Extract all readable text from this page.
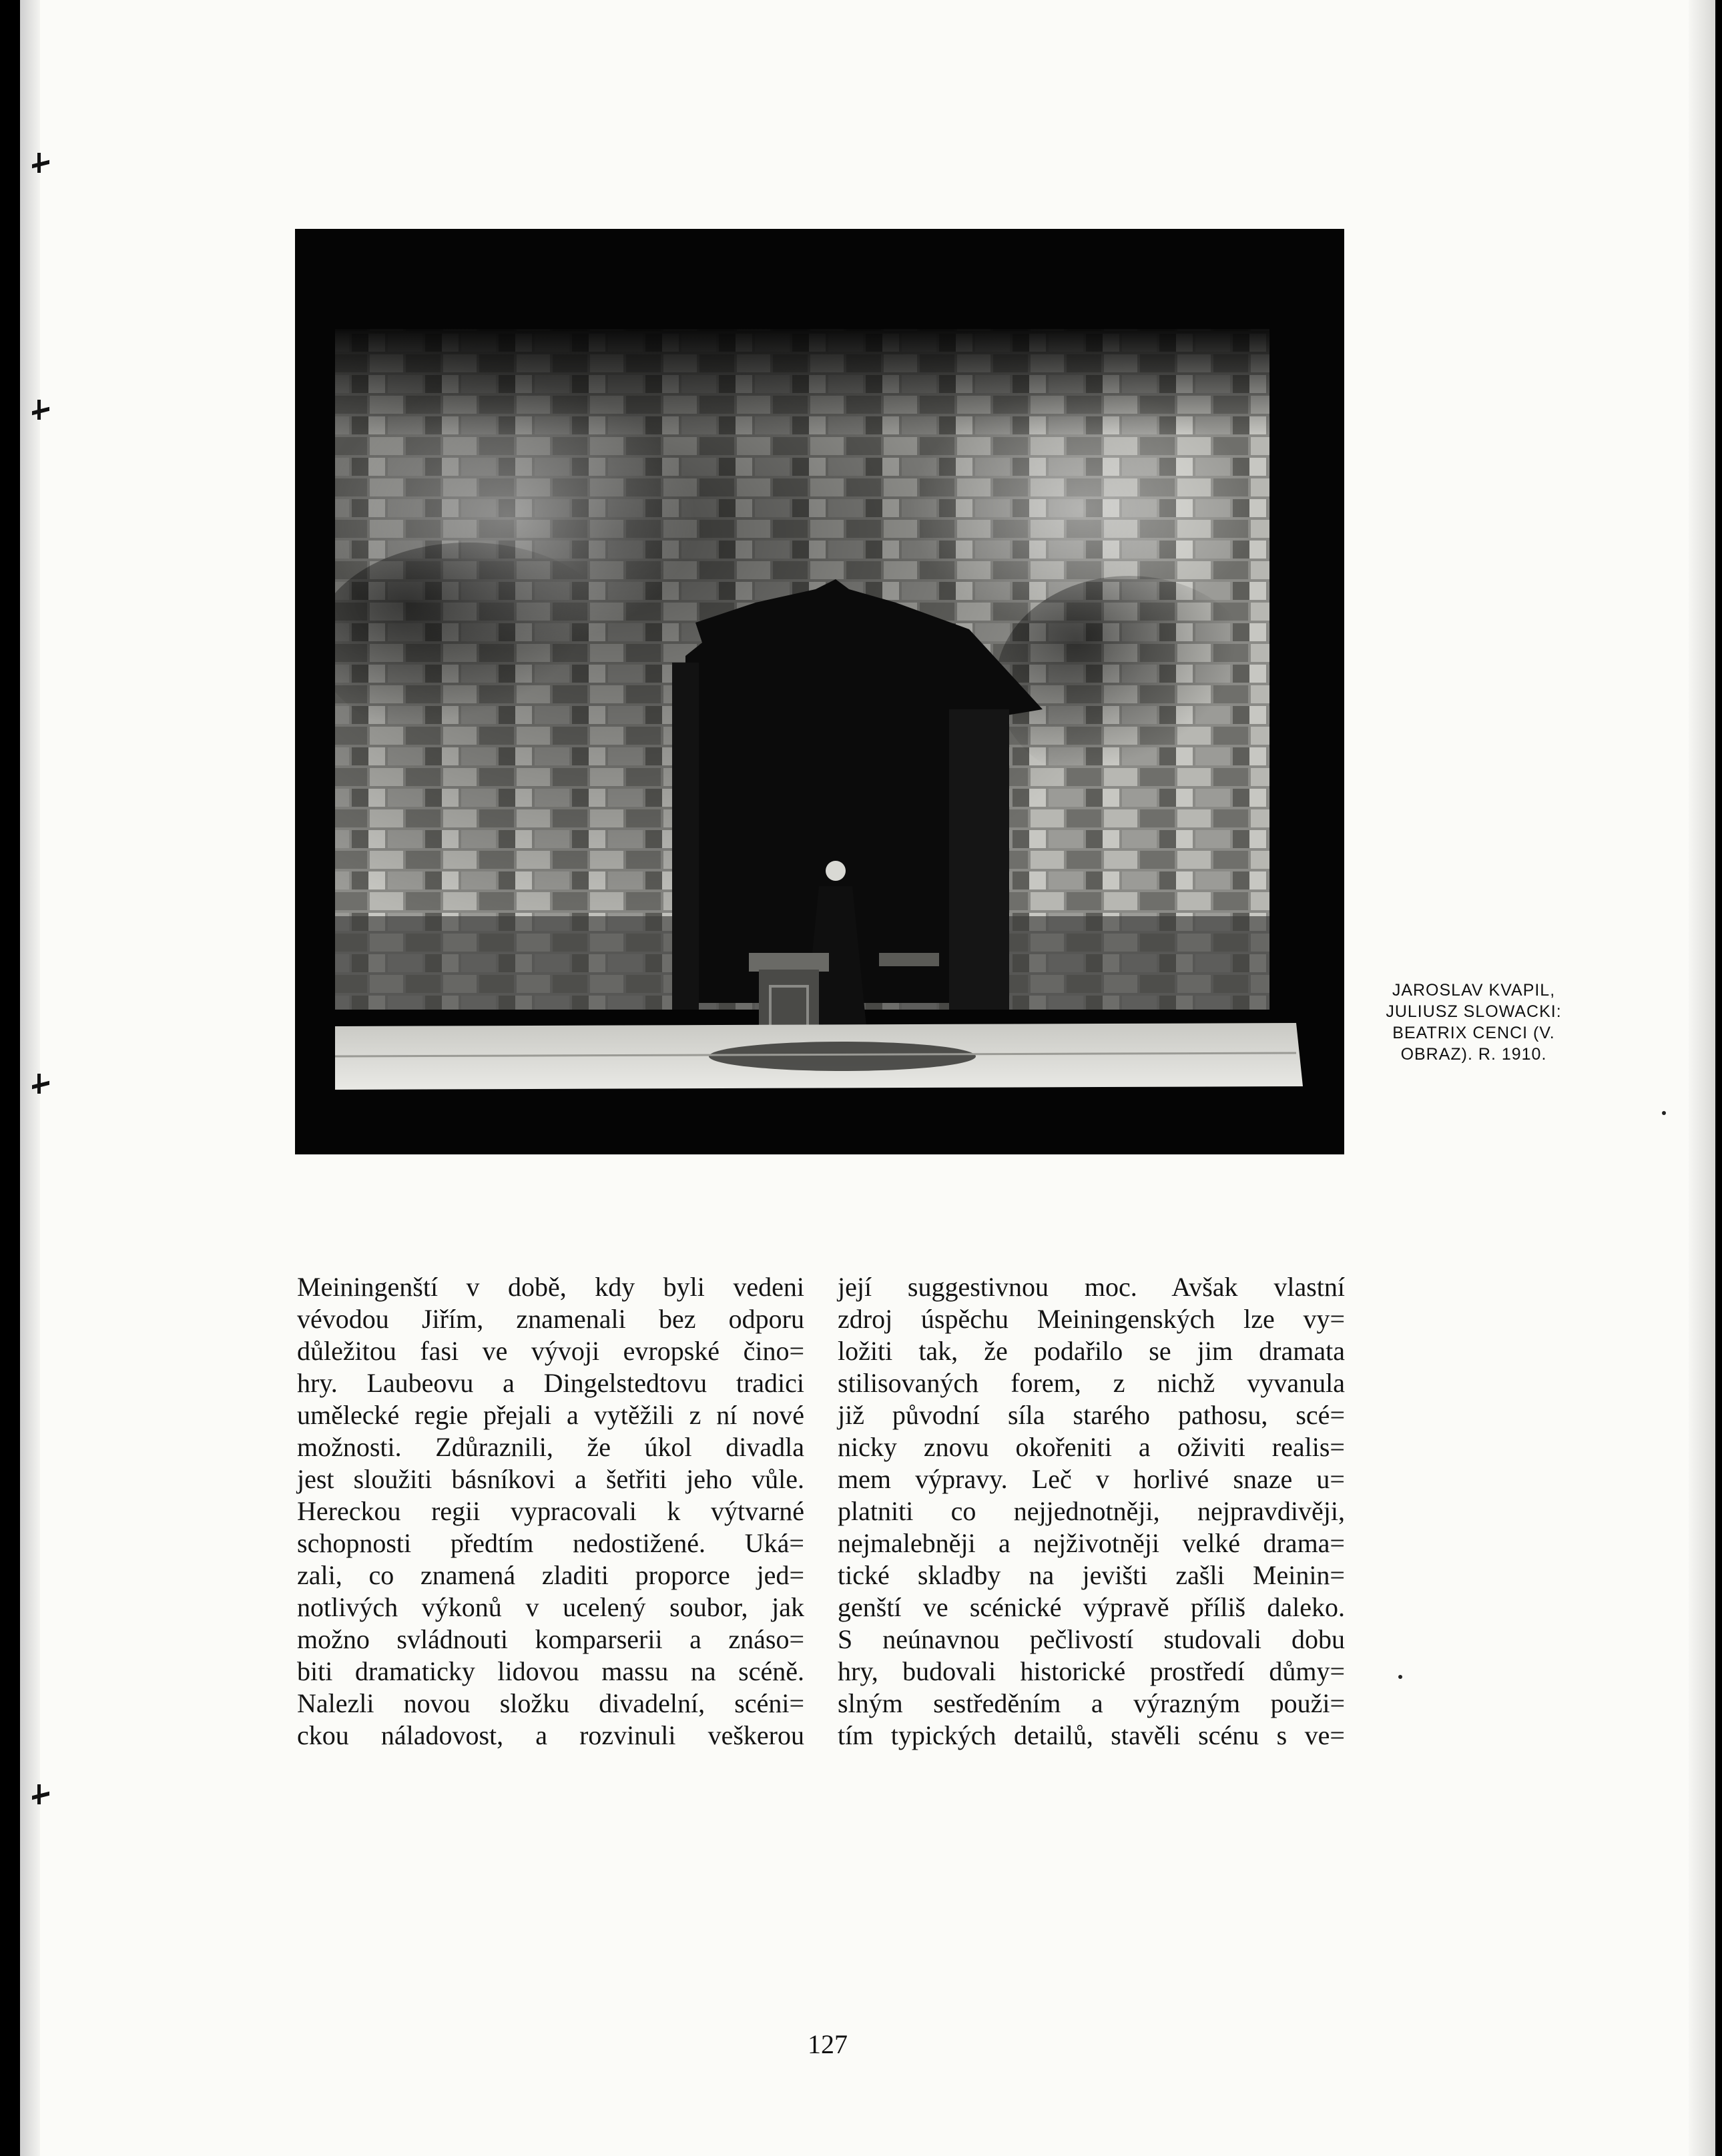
JAROSLAV KVAPIL,
JULIUSZ SLOWACKI:
BEATRIX CENCI (V.
OBRAZ). R. 1910.
Meiningenští v době, kdy byli vedeni
vévodou Jiřím, znamenali bez odporu
důležitou fasi ve vývoji evropské čino=
hry. Laubeovu a Dingelstedtovu tradici
umělecké regie přejali a vytěžili z ní nové
možnosti. Zdůraznili, že úkol divadla
jest sloužiti básníkovi a šetřiti jeho vůle.
Hereckou regii vypracovali k výtvarné
schopnosti předtím nedostižené. Uká=
zali, co znamená zladiti proporce jed=
notlivých výkonů v ucelený soubor, jak
možno svládnouti komparserii a znáso=
biti dramaticky lidovou massu na scéně.
Nalezli novou složku divadelní, scéni=
ckou náladovost, a rozvinuli veškerou
její suggestivnou moc. Avšak vlastní
zdroj úspěchu Meiningenských lze vy=
ložiti tak, že podařilo se jim dramata
stilisovaných forem, z nichž vyvanula
již původní síla starého pathosu, scé=
nicky znovu okořeniti a oživiti realis=
mem výpravy. Leč v horlivé snaze u=
platniti co nejjednotněji, nejpravdivěji,
nejmalebněji a nejživotněji velké drama=
tické skladby na jevišti zašli Meinin=
genští ve scénické výpravě příliš daleko.
S neúnavnou pečlivostí studovali dobu
hry, budovali historické prostředí důmy=
slným sestředěním a výrazným použi=
tím typických detailů, stavěli scénu s ve=
127
